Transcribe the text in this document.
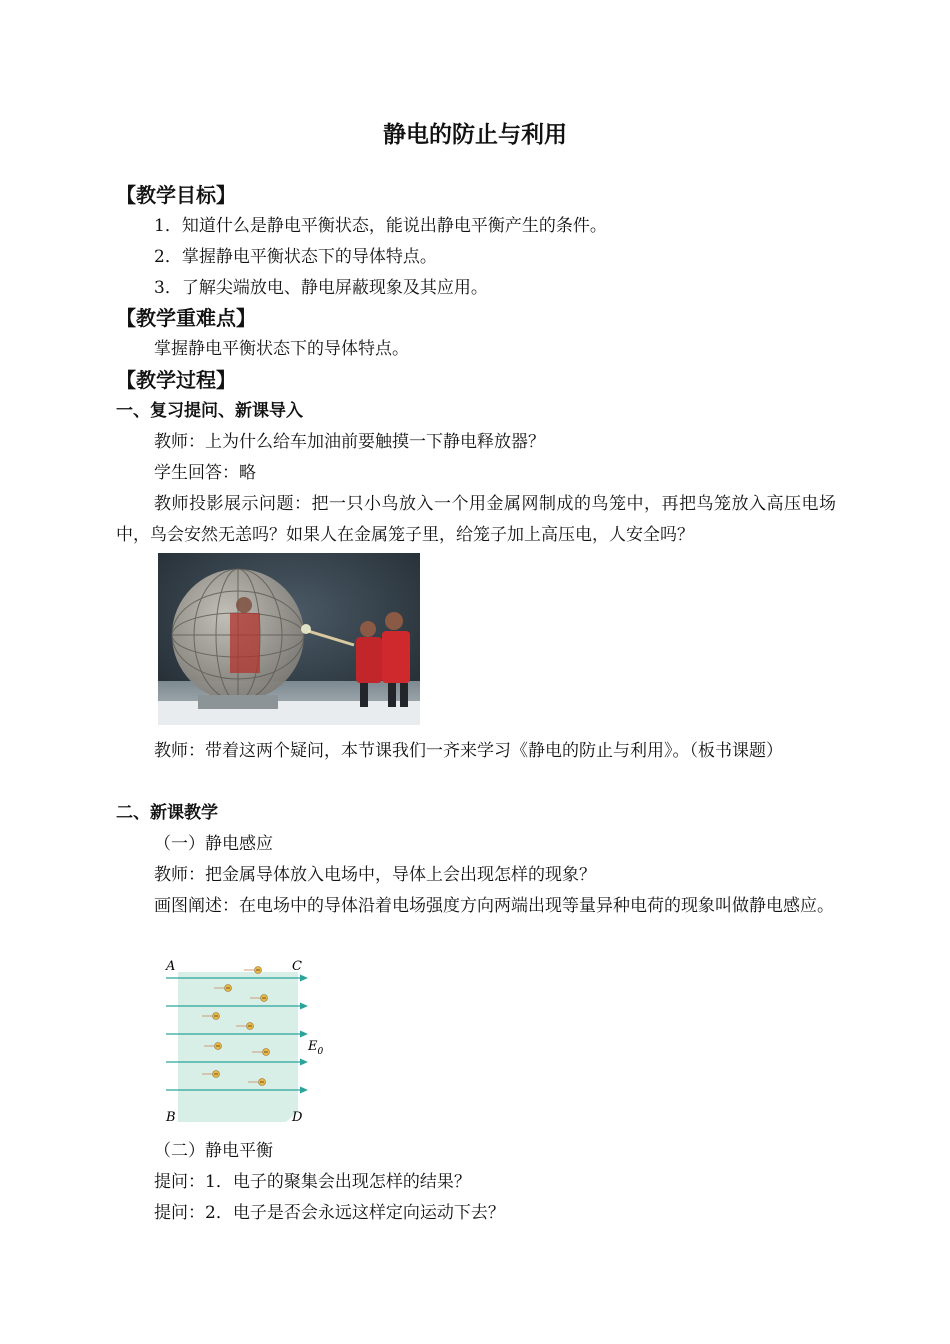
静电的防止与利用
【教学目标】
1．知道什么是静电平衡状态，能说出静电平衡产生的条件。
2．掌握静电平衡状态下的导体特点。
3．了解尖端放电、静电屏蔽现象及其应用。
【教学重难点】
掌握静电平衡状态下的导体特点。
【教学过程】
一、复习提问、新课导入
教师：上为什么给车加油前要触摸一下静电释放器？
学生回答：略
教师投影展示问题：把一只小鸟放入一个用金属网制成的鸟笼中，再把鸟笼放入高压电场中，鸟会安然无恙吗？如果人在金属笼子里，给笼子加上高压电，人安全吗？
教师：带着这两个疑问，本节课我们一齐来学习《静电的防止与利用》。（板书课题）
二、新课教学
（一）静电感应
教师：把金属导体放入电场中，导体上会出现怎样的现象？
画图阐述：在电场中的导体沿着电场强度方向两端出现等量异种电荷的现象叫做静电感应。
A	C
B	D
$E_0$
（二）静电平衡
提问：1．电子的聚集会出现怎样的结果？
提问：2．电子是否会永远这样定向运动下去？
